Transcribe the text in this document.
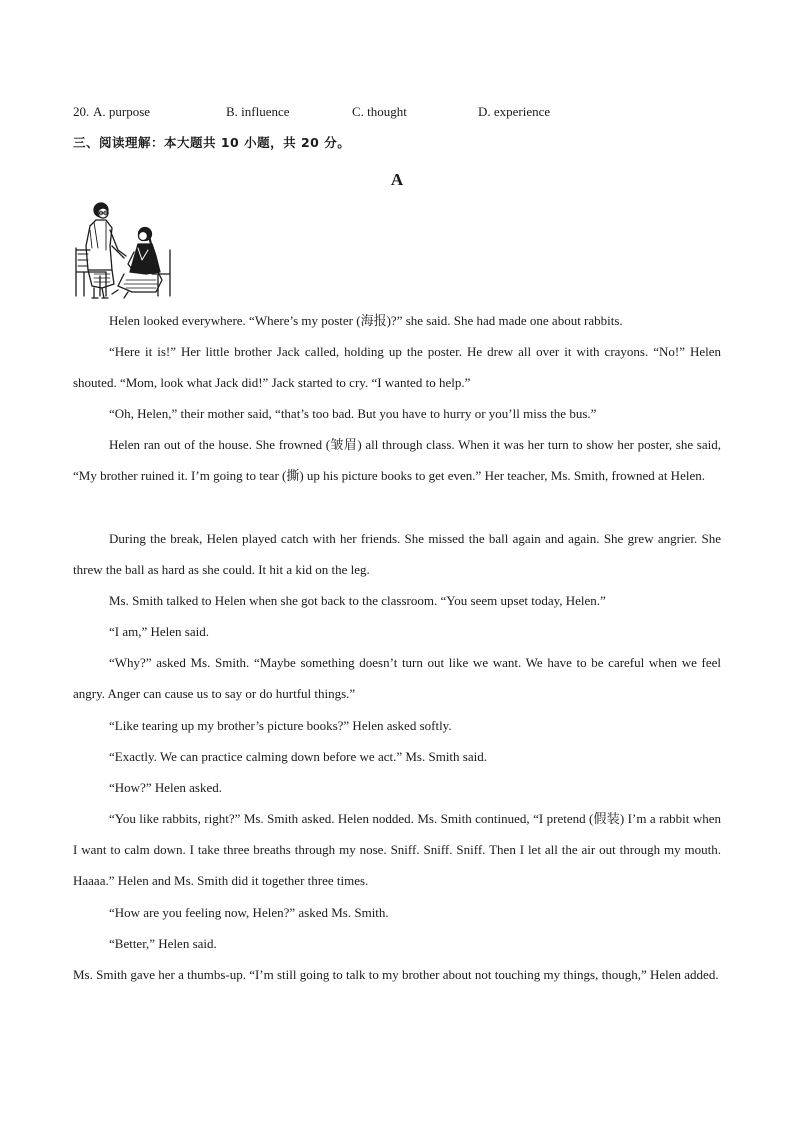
20. A. purpose	B. influence	C. thought	D. experience
三、阅读理解：本大题共 10 小题，共 20 分。
A

Helen looked everywhere. “Where’s my poster (海报)?” she said. She had made one about rabbits.

“Here it is!” Her little brother Jack called, holding up the poster. He drew all over it with crayons. “No!” Helen shouted. “Mom, look what Jack did!” Jack started to cry. “I wanted to help.”

“Oh, Helen,” their mother said, “that’s too bad. But you have to hurry or you’ll miss the bus.”

Helen ran out of the house. She frowned (皱眉) all through class. When it was her turn to show her poster, she said, “My brother ruined it. I’m going to tear (撕) up his picture books to get even.” Her teacher, Ms. Smith, frowned at Helen.

During the break, Helen played catch with her friends. She missed the ball again and again. She grew angrier. She threw the ball as hard as she could. It hit a kid on the leg.

Ms. Smith talked to Helen when she got back to the classroom. “You seem upset today, Helen.”

“I am,” Helen said.

“Why?” asked Ms. Smith. “Maybe something doesn’t turn out like we want. We have to be careful when we feel angry. Anger can cause us to say or do hurtful things.”

“Like tearing up my brother’s picture books?” Helen asked softly.

“Exactly. We can practice calming down before we act.” Ms. Smith said.

“How?” Helen asked.

“You like rabbits, right?” Ms. Smith asked. Helen nodded. Ms. Smith continued, “I pretend (假装) I’m a rabbit when I want to calm down. I take three breaths through my nose. Sniff. Sniff. Sniff. Then I let all the air out through my mouth. Haaaa.” Helen and Ms. Smith did it together three times.

“How are you feeling now, Helen?” asked Ms. Smith.

“Better,” Helen said.

Ms. Smith gave her a thumbs-up. “I’m still going to talk to my brother about not touching my things, though,” Helen added.
